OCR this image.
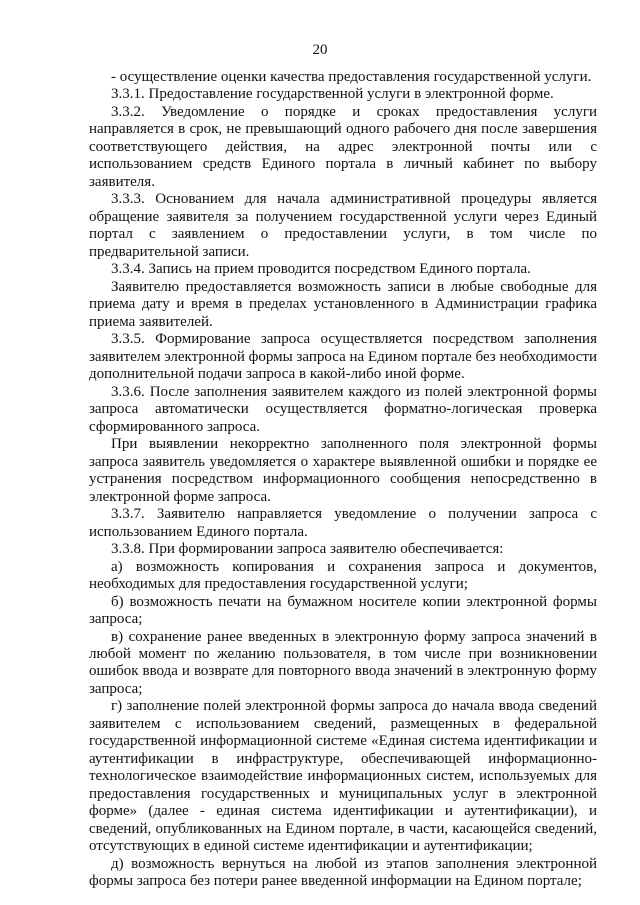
20

- осуществление оценки качества предоставления государственной услуги.

3.3.1. Предоставление государственной услуги в электронной форме.

3.3.2. Уведомление о порядке и сроках предоставления услуги направляется в срок, не превышающий одного рабочего дня после завершения соответствующего действия, на адрес электронной почты или с использованием средств Единого портала в личный кабинет по выбору заявителя.

3.3.3. Основанием для начала административной процедуры является обращение заявителя за получением государственной услуги через Единый портал с заявлением о предоставлении услуги, в том числе по предварительной записи.

3.3.4. Запись на прием проводится посредством Единого портала.

Заявителю предоставляется возможность записи в любые свободные для приема дату и время в пределах установленного в Администрации графика приема заявителей.

3.3.5. Формирование запроса осуществляется посредством заполнения заявителем электронной формы запроса на Едином портале без необходимости дополнительной подачи запроса в какой-либо иной форме.

3.3.6. После заполнения заявителем каждого из полей электронной формы запроса автоматически осуществляется форматно-логическая проверка сформированного запроса.

При выявлении некорректно заполненного поля электронной формы запроса заявитель уведомляется о характере выявленной ошибки и порядке ее устранения посредством информационного сообщения непосредственно в электронной форме запроса.

3.3.7. Заявителю направляется уведомление о получении запроса с использованием Единого портала.

3.3.8. При формировании запроса заявителю обеспечивается:

а) возможность копирования и сохранения запроса и документов, необходимых для предоставления государственной услуги;

б) возможность печати на бумажном носителе копии электронной формы запроса;

в) сохранение ранее введенных в электронную форму запроса значений в любой момент по желанию пользователя, в том числе при возникновении ошибок ввода и возврате для повторного ввода значений в электронную форму запроса;

г) заполнение полей электронной формы запроса до начала ввода сведений заявителем с использованием сведений, размещенных в федеральной государственной информационной системе «Единая система идентификации и аутентификации в инфраструктуре, обеспечивающей информационно-технологическое взаимодействие информационных систем, используемых для предоставления государственных и муниципальных услуг в электронной форме» (далее - единая система идентификации и аутентификации), и сведений, опубликованных на Едином портале, в части, касающейся сведений, отсутствующих в единой системе идентификации и аутентификации;

д) возможность вернуться на любой из этапов заполнения электронной формы запроса без потери ранее введенной информации на Едином портале;
